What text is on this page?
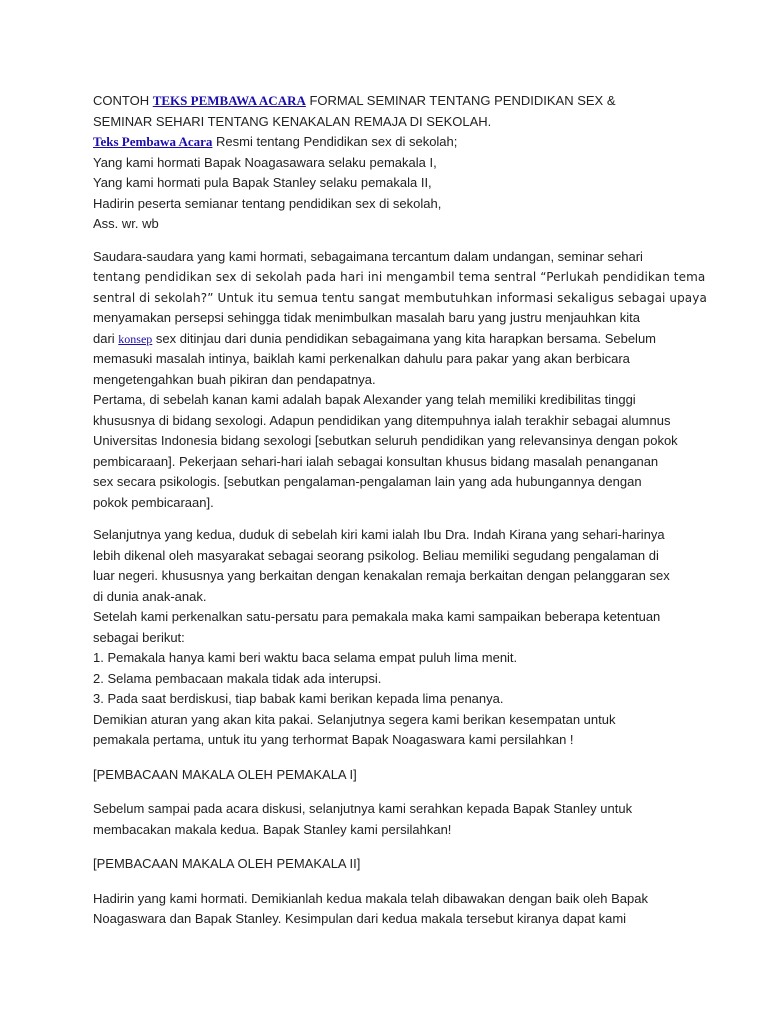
CONTOH TEKS PEMBAWA ACARA FORMAL SEMINAR TENTANG PENDIDIKAN SEX &
SEMINAR SEHARI TENTANG KENAKALAN REMAJA DI SEKOLAH.
Teks Pembawa Acara Resmi tentang Pendidikan sex di sekolah;
Yang kami hormati Bapak Noagasawara selaku pemakala I,
Yang kami hormati pula Bapak Stanley selaku pemakala II,
Hadirin peserta semianar tentang pendidikan sex di sekolah,
Ass. wr. wb
Saudara-saudara yang kami hormati, sebagaimana tercantum dalam undangan, seminar sehari
tentang pendidikan sex di sekolah pada hari ini mengambil tema sentral “Perlukah pendidikan tema
sentral di sekolah?” Untuk itu semua tentu sangat membutuhkan informasi sekaligus sebagai upaya
menyamakan persepsi sehingga tidak menimbulkan masalah baru yang justru menjauhkan kita
dari konsep sex ditinjau dari dunia pendidikan sebagaimana yang kita harapkan bersama. Sebelum
memasuki masalah intinya, baiklah kami perkenalkan dahulu para pakar yang akan berbicara
mengetengahkan buah pikiran dan pendapatnya.
Pertama, di sebelah kanan kami adalah bapak Alexander yang telah memiliki kredibilitas tinggi
khususnya di bidang sexologi. Adapun pendidikan yang ditempuhnya ialah terakhir sebagai alumnus
Universitas Indonesia bidang sexologi [sebutkan seluruh pendidikan yang relevansinya dengan pokok
pembicaraan]. Pekerjaan sehari-hari ialah sebagai konsultan khusus bidang masalah penanganan
sex secara psikologis. [sebutkan pengalaman-pengalaman lain yang ada hubungannya dengan
pokok pembicaraan].
Selanjutnya yang kedua, duduk di sebelah kiri kami ialah Ibu Dra. Indah Kirana yang sehari-harinya
lebih dikenal oleh masyarakat sebagai seorang psikolog. Beliau memiliki segudang pengalaman di
luar negeri. khususnya yang berkaitan dengan kenakalan remaja berkaitan dengan pelanggaran sex
di dunia anak-anak.
Setelah kami perkenalkan satu-persatu para pemakala maka kami sampaikan beberapa ketentuan
sebagai berikut:
1. Pemakala hanya kami beri waktu baca selama empat puluh lima menit.
2. Selama pembacaan makala tidak ada interupsi.
3. Pada saat berdiskusi, tiap babak kami berikan kepada lima penanya.
Demikian aturan yang akan kita pakai. Selanjutnya segera kami berikan kesempatan untuk
pemakala pertama, untuk itu yang terhormat Bapak Noagaswara kami persilahkan !
[PEMBACAAN MAKALA OLEH PEMAKALA I]
Sebelum sampai pada acara diskusi, selanjutnya kami serahkan kepada Bapak Stanley untuk
membacakan makala kedua. Bapak Stanley kami persilahkan!
[PEMBACAAN MAKALA OLEH PEMAKALA II]
Hadirin yang kami hormati. Demikianlah kedua makala telah dibawakan dengan baik oleh Bapak
Noagaswara dan Bapak Stanley. Kesimpulan dari kedua makala tersebut kiranya dapat kami
